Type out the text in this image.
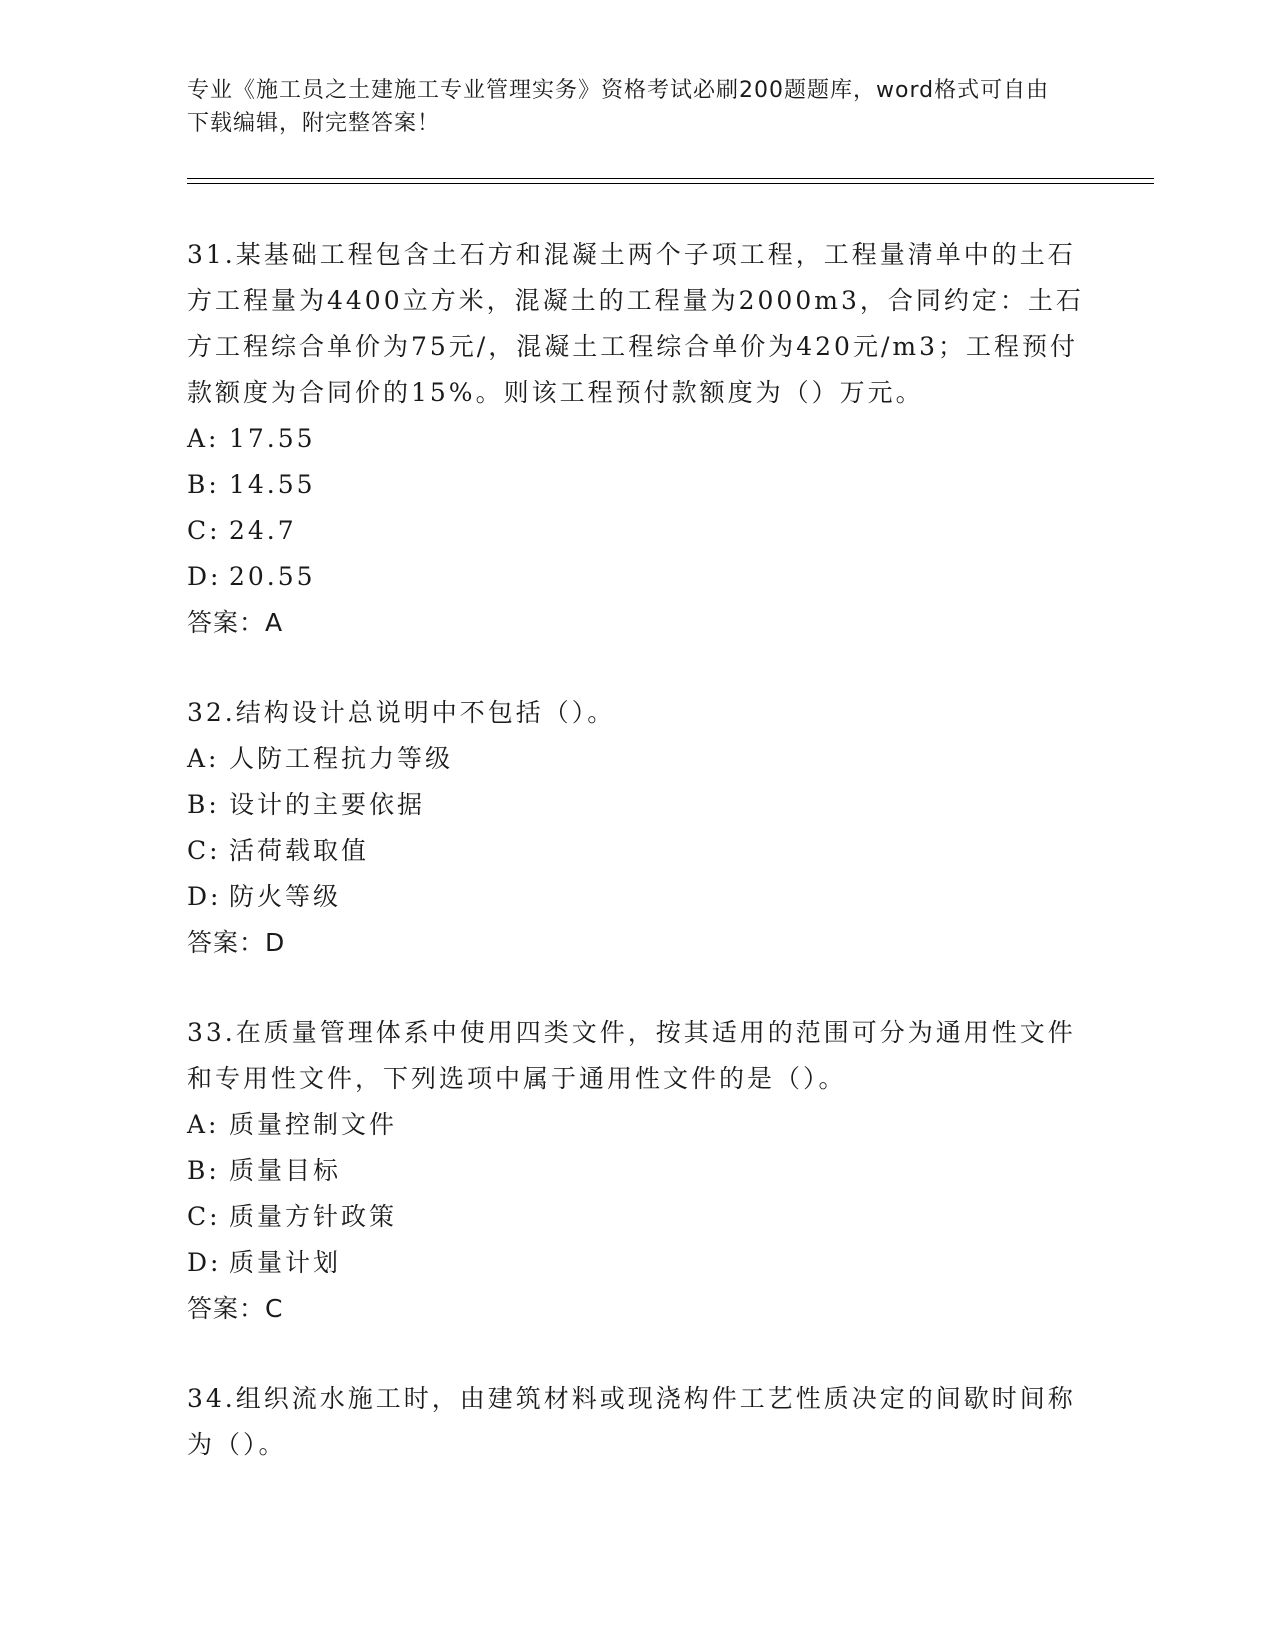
专业《施工员之土建施工专业管理实务》资格考试必刷200题题库，word格式可自由下载编辑，附完整答案！
31.某基础工程包含土石方和混凝土两个子项工程，工程量清单中的土石方工程量为4400立方米，混凝土的工程量为2000m3，合同约定：土石方工程综合单价为75元/，混凝土工程综合单价为420元/m3；工程预付款额度为合同价的15%。则该工程预付款额度为（）万元。
A: 17.55
B: 14.55
C: 24.7
D: 20.55
答案：A
32.结构设计总说明中不包括（）。
A: 人防工程抗力等级
B: 设计的主要依据
C: 活荷载取值
D: 防火等级
答案：D
33.在质量管理体系中使用四类文件，按其适用的范围可分为通用性文件和专用性文件，下列选项中属于通用性文件的是（）。
A: 质量控制文件
B: 质量目标
C: 质量方针政策
D: 质量计划
答案：C
34.组织流水施工时，由建筑材料或现浇构件工艺性质决定的间歇时间称为（）。
